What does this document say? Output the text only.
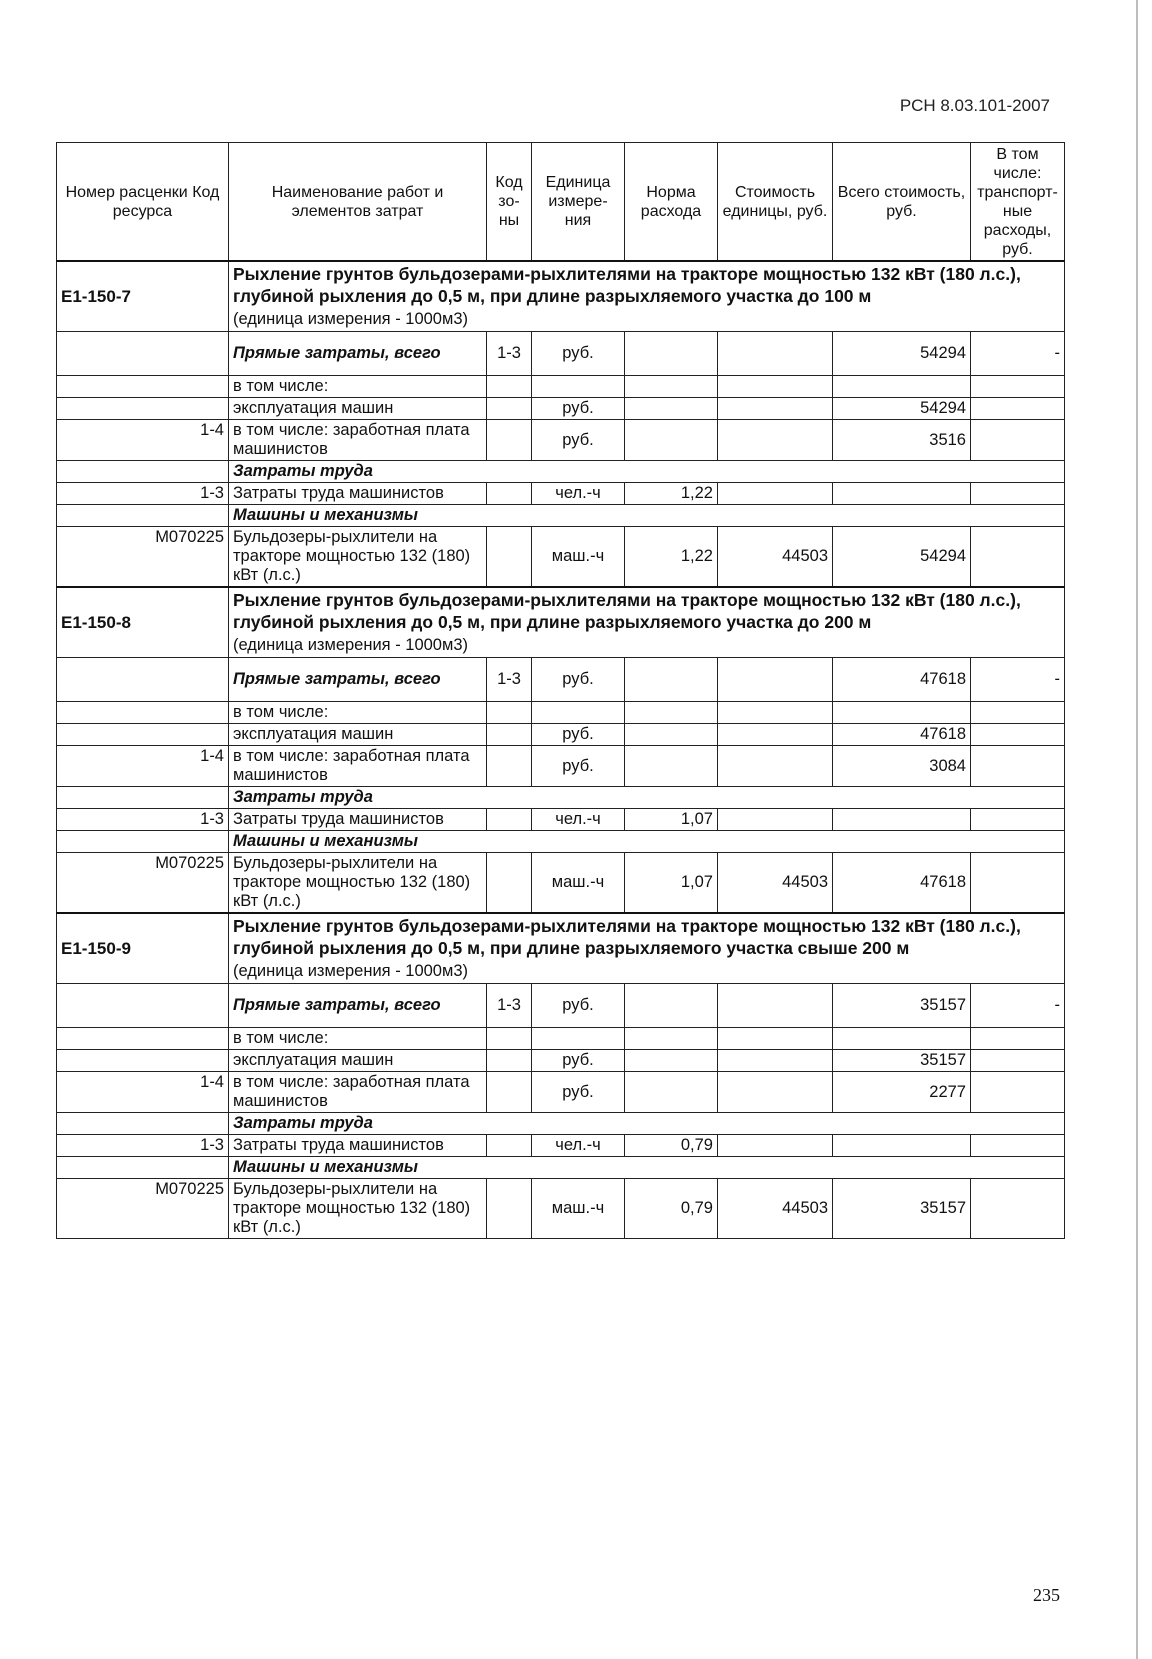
РСН 8.03.101-2007
Номер расценки Код ресурса	Наименование работ и элементов затрат	Код зо-ны	Единица измере-ния	Норма расхода	Стоимость единицы, руб.	Всего стоимость, руб.	В том числе: транспорт-ные расходы, руб.
Е1-150-7	Рыхление грунтов бульдозерами-рыхлителями на тракторе мощностью 132 кВт (180 л.с.), глубиной рыхления до 0,5 м, при длине разрыхляемого участка до 100 м
(единица измерения - 1000м3)						
	Прямые затраты, всего	1-3	руб.			54294	-
	в том числе:						
	эксплуатация машин		руб.			54294	
1-4	в том числе: заработная плата машинистов		руб.			3516	
	Затраты труда						
1-3	Затраты труда машинистов		чел.-ч	1,22			
	Машины и механизмы						
М070225	Бульдозеры-рыхлители на тракторе мощностью 132 (180) кВт (л.с.)		маш.-ч	1,22	44503	54294	
Е1-150-8	Рыхление грунтов бульдозерами-рыхлителями на тракторе мощностью 132 кВт (180 л.с.), глубиной рыхления до 0,5 м, при длине разрыхляемого участка до 200 м
(единица измерения - 1000м3)						
	Прямые затраты, всего	1-3	руб.			47618	-
	в том числе:						
	эксплуатация машин		руб.			47618	
1-4	в том числе: заработная плата машинистов		руб.			3084	
	Затраты труда						
1-3	Затраты труда машинистов		чел.-ч	1,07			
	Машины и механизмы						
М070225	Бульдозеры-рыхлители на тракторе мощностью 132 (180) кВт (л.с.)		маш.-ч	1,07	44503	47618	
Е1-150-9	Рыхление грунтов бульдозерами-рыхлителями на тракторе мощностью 132 кВт (180 л.с.), глубиной рыхления до 0,5 м, при длине разрыхляемого участка свыше 200 м
(единица измерения - 1000м3)						
	Прямые затраты, всего	1-3	руб.			35157	-
	в том числе:						
	эксплуатация машин		руб.			35157	
1-4	в том числе: заработная плата машинистов		руб.			2277	
	Затраты труда						
1-3	Затраты труда машинистов		чел.-ч	0,79			
	Машины и механизмы						
М070225	Бульдозеры-рыхлители на тракторе мощностью 132 (180) кВт (л.с.)		маш.-ч	0,79	44503	35157	
235
